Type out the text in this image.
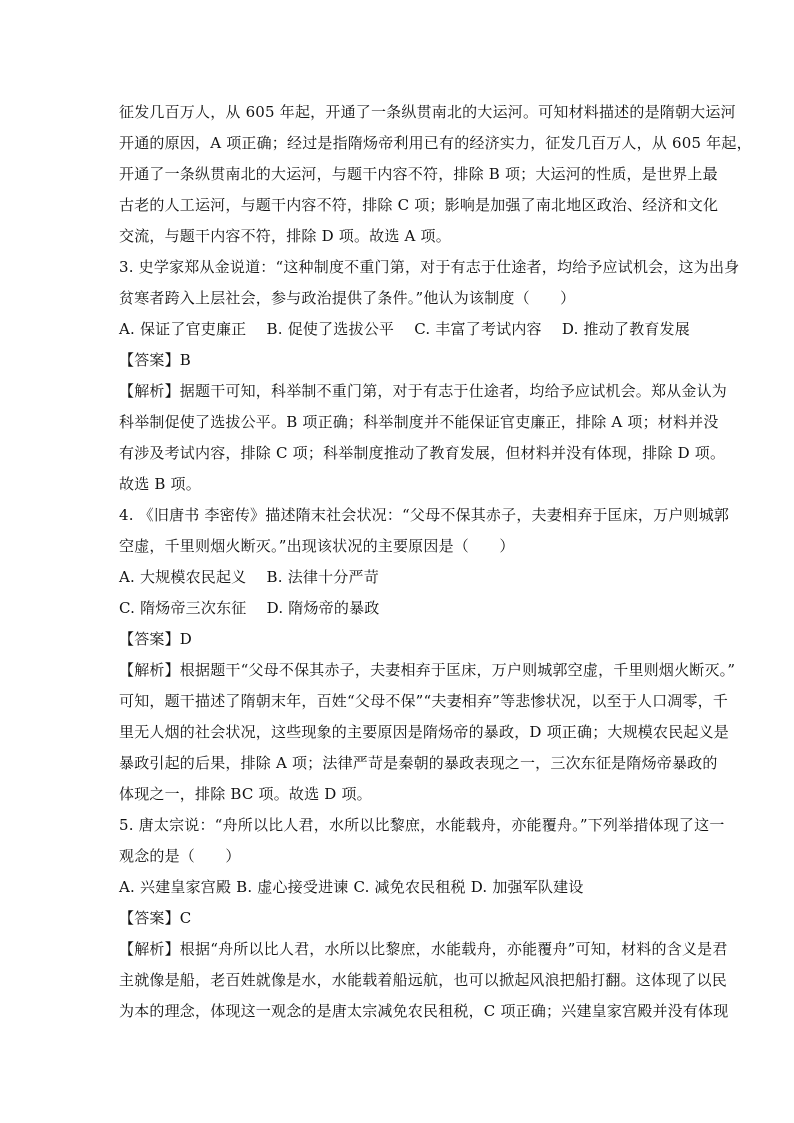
征发几百万人，从 605 年起，开通了一条纵贯南北的大运河。可知材料描述的是隋朝大运河
开通的原因，A 项正确；经过是指隋炀帝利用已有的经济实力，征发几百万人，从 605 年起，
开通了一条纵贯南北的大运河，与题干内容不符，排除 B 项；大运河的性质，是世界上最
古老的人工运河，与题干内容不符，排除 C 项；影响是加强了南北地区政治、经济和文化
交流，与题干内容不符，排除 D 项。故选 A 项。
3. 史学家郑从金说道：“这种制度不重门第，对于有志于仕途者，均给予应试机会，这为出身
贫寒者跨入上层社会，参与政治提供了条件。”他认为该制度（　　）
A. 保证了官吏廉正　 B. 促使了选拔公平　 C. 丰富了考试内容　 D. 推动了教育发展
【答案】B
【解析】据题干可知，科举制不重门第，对于有志于仕途者，均给予应试机会。郑从金认为
科举制促使了选拔公平。B 项正确；科举制度并不能保证官吏廉正，排除 A 项；材料并没
有涉及考试内容，排除 C 项；科举制度推动了教育发展，但材料并没有体现，排除 D 项。
故选 B 项。
4. 《旧唐书 李密传》描述隋末社会状况：“父母不保其赤子，夫妻相弃于匡床，万户则城郭
空虚，千里则烟火断灭。”出现该状况的主要原因是（　　）
A. 大规模农民起义　 B. 法律十分严苛
C. 隋炀帝三次东征　 D. 隋炀帝的暴政
【答案】D
【解析】根据题干“父母不保其赤子，夫妻相弃于匡床，万户则城郭空虚，千里则烟火断灭。”
可知，题干描述了隋朝末年，百姓“父母不保”“夫妻相弃”等悲惨状况，以至于人口凋零，千
里无人烟的社会状况，这些现象的主要原因是隋炀帝的暴政，D 项正确；大规模农民起义是
暴政引起的后果，排除 A 项；法律严苛是秦朝的暴政表现之一，三次东征是隋炀帝暴政的
体现之一，排除 BC 项。故选 D 项。
5. 唐太宗说：“舟所以比人君，水所以比黎庶，水能载舟，亦能覆舟。”下列举措体现了这一
观念的是（　　）
A. 兴建皇家宫殿 B. 虚心接受进谏 C. 减免农民租税 D. 加强军队建设
【答案】C
【解析】根据“舟所以比人君，水所以比黎庶，水能载舟，亦能覆舟”可知，材料的含义是君
主就像是船，老百姓就像是水，水能载着船远航，也可以掀起风浪把船打翻。这体现了以民
为本的理念，体现这一观念的是唐太宗减免农民租税，C 项正确；兴建皇家宫殿并没有体现
